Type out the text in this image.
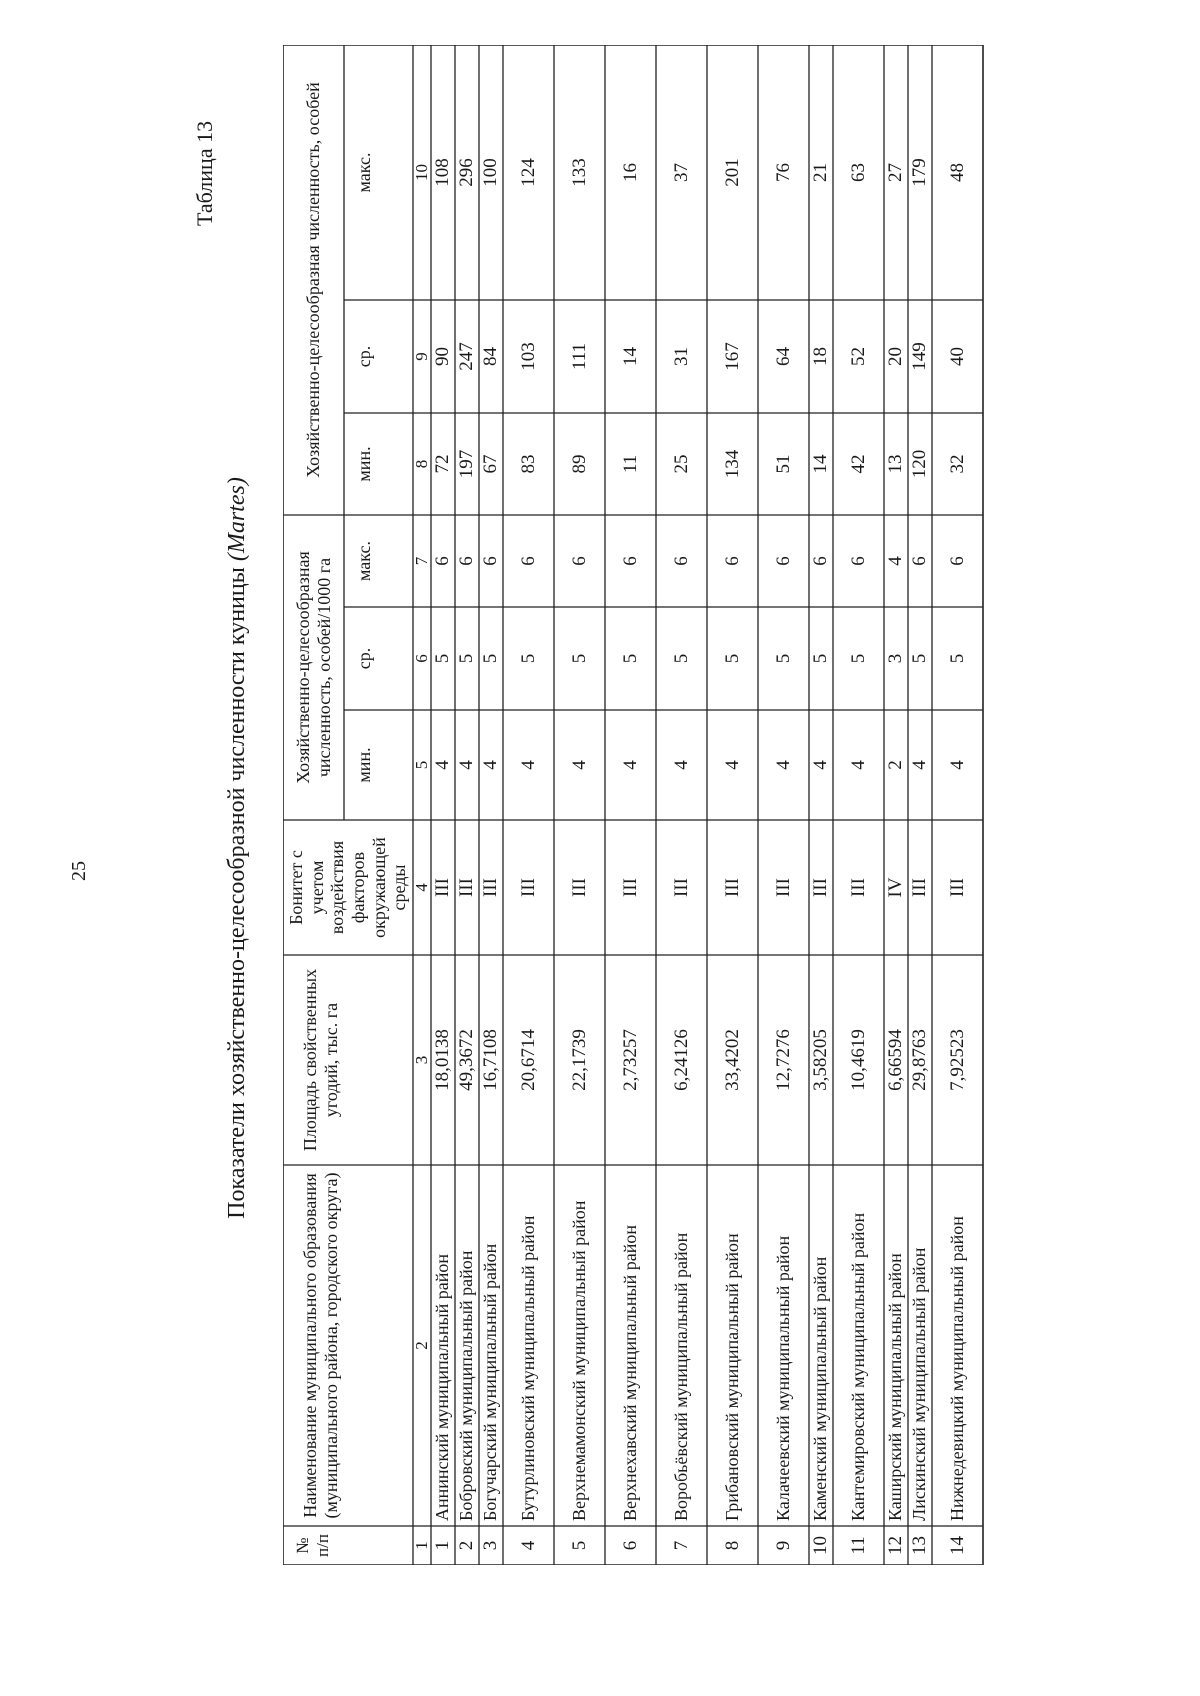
25
Таблица 13
Показатели хозяйственно-целесообразной численности куницы (Martes)
№ п/п
Наименование муниципального образования (муниципального района, городского округа)
Площадь свойственных угодий, тыс. га
Бонитет с учетом воздействия факторов окружающей среды
Хозяйственно-целесообразная численность, особей/1000 га
Хозяйственно-целесообразная численность, особей
мин.
ср.
макс.
мин.
ср.
макс.
1
2
3
4
5
6
7
8
9
10
1
Аннинский муниципальный район
18,0138
III
4
5
6
72
90
108
2
Бобровский муниципальный район
49,3672
III
4
5
6
197
247
296
3
Богучарский муниципальный район
16,7108
III
4
5
6
67
84
100
4
Бутурлиновский муниципальный район
20,6714
III
4
5
6
83
103
124
5
Верхнемамонский муниципальный район
22,1739
III
4
5
6
89
111
133
6
Верхнехавский муниципальный район
2,73257
III
4
5
6
11
14
16
7
Воробьёвский муниципальный район
6,24126
III
4
5
6
25
31
37
8
Грибановский муниципальный район
33,4202
III
4
5
6
134
167
201
9
Калачеевский муниципальный район
12,7276
III
4
5
6
51
64
76
10
Каменский муниципальный район
3,58205
III
4
5
6
14
18
21
11
Кантемировский муниципальный район
10,4619
III
4
5
6
42
52
63
12
Каширский муниципальный район
6,66594
IV
2
3
4
13
20
27
13
Лискинский муниципальный район
29,8763
III
4
5
6
120
149
179
14
Нижнедевицкий муниципальный район
7,92523
III
4
5
6
32
40
48
